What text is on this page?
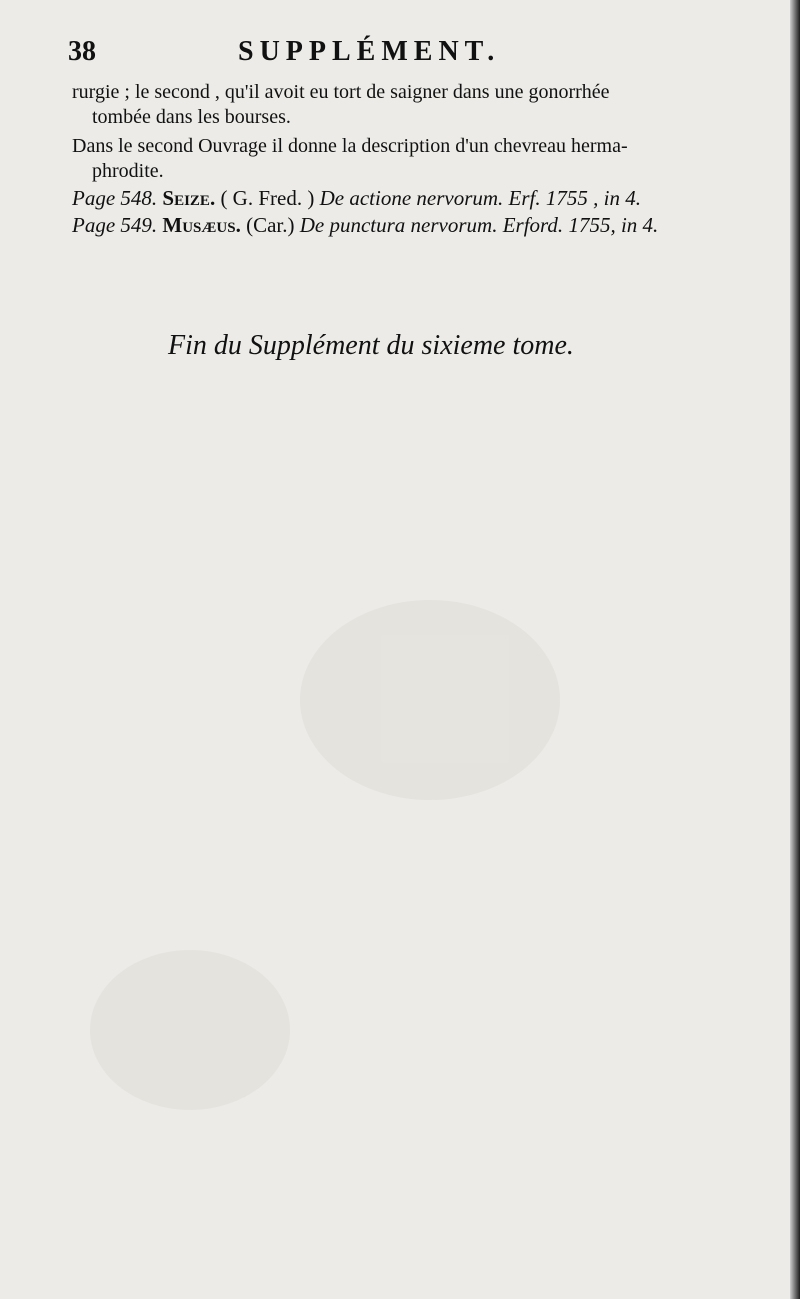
38	SUPPLÉMENT.
rurgie ; le second , qu'il avoit eu tort de saigner dans une gonorrhée
tombée dans les bourses.
Dans le second Ouvrage il donne la description d'un chevreau herma-
phrodite.
Page 548. Seize. ( G. Fred. ) De actione nervorum. Erf. 1755 , in 4.
Page 549. Musæus. (Car.) De punctura nervorum. Erford. 1755, in 4.
Fin du Supplément du sixieme tome.
